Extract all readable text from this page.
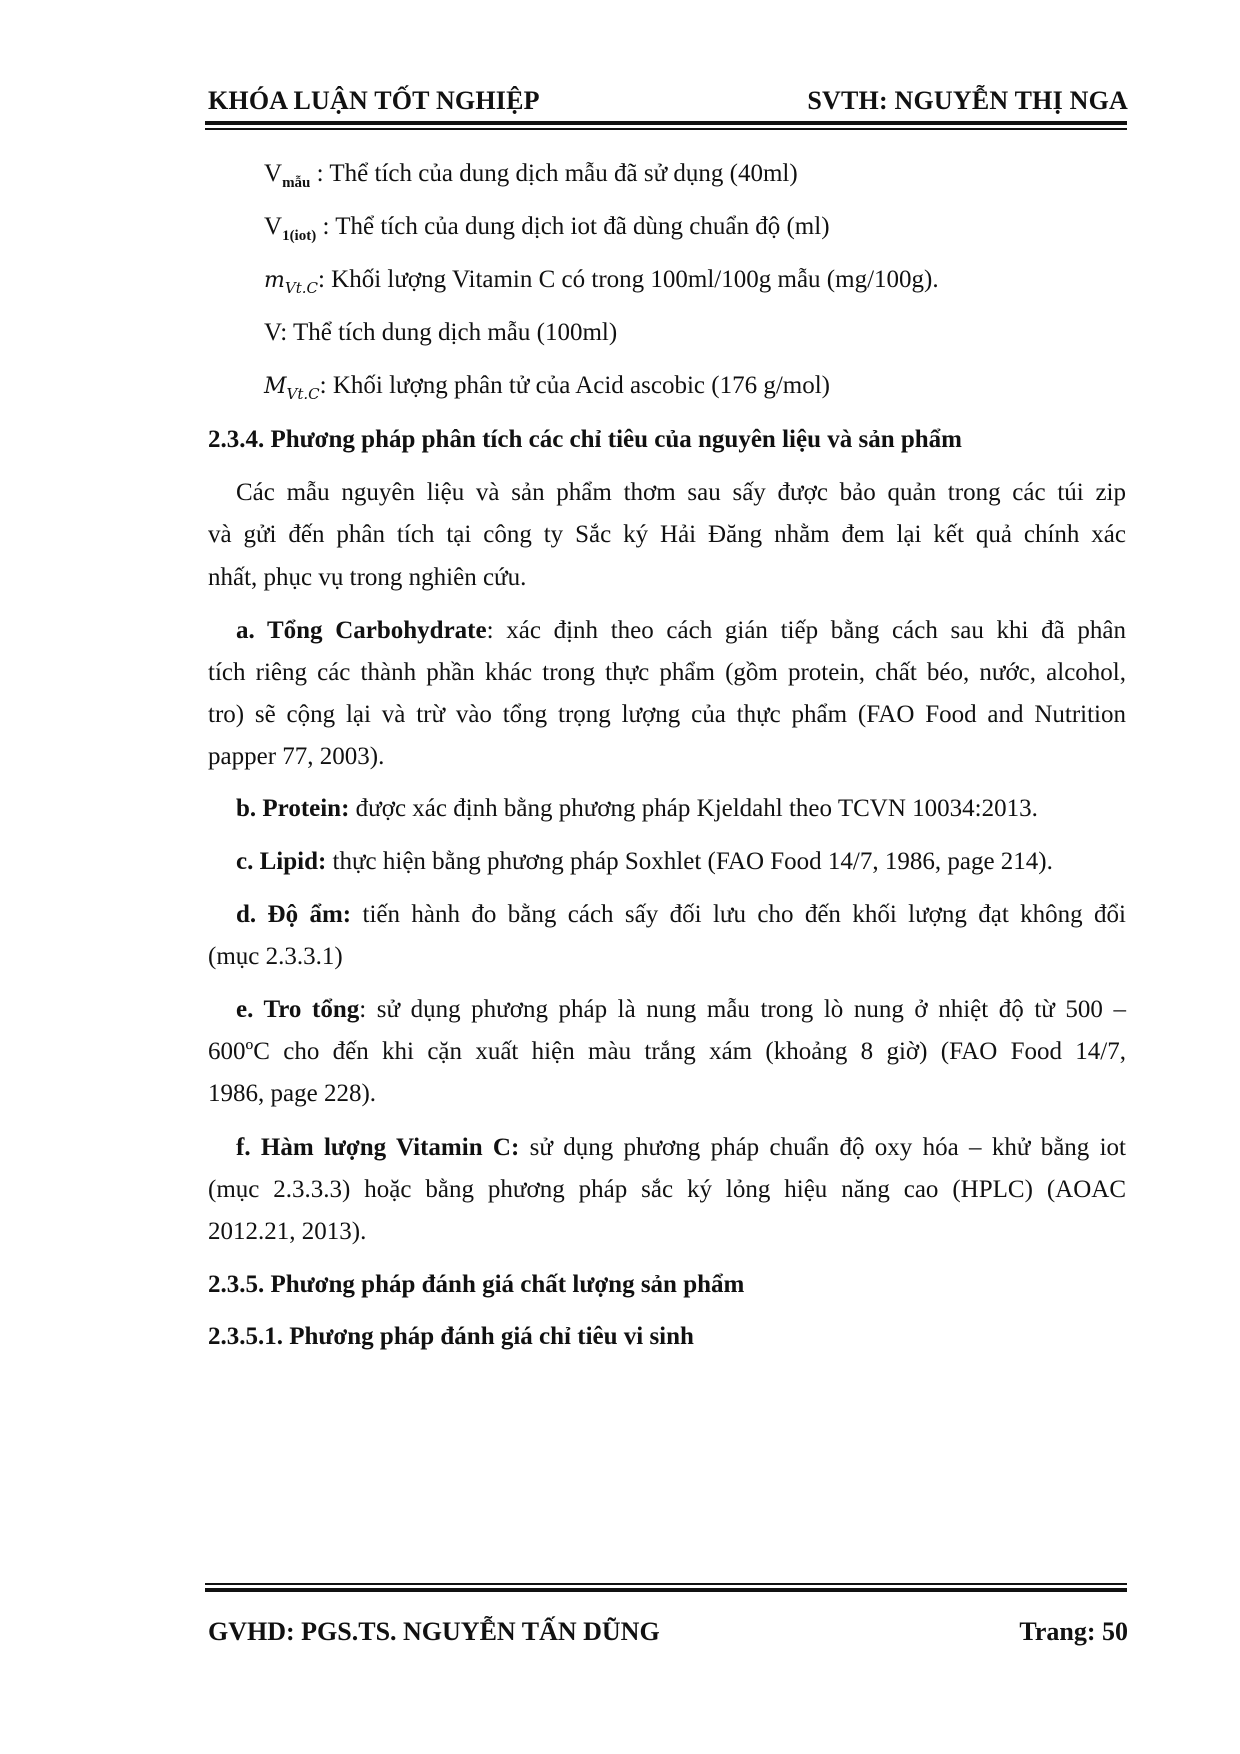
KHÓA LUẬN TỐT NGHIỆP	SVTH: NGUYỄN THỊ NGA
$V_{mẫu}$ : Thể tích của dung dịch mẫu đã sử dụng (40ml)
$V_{1(iot)}$ : Thể tích của dung dịch iot đã dùng chuẩn độ (ml)
$m_{Vt.C}$: Khối lượng Vitamin C có trong 100ml/100g mẫu (mg/100g).
V: Thể tích dung dịch mẫu (100ml)
$M_{Vt.C}$: Khối lượng phân tử của Acid ascobic (176 g/mol)
2.3.4. Phương pháp phân tích các chỉ tiêu của nguyên liệu và sản phẩm
Các mẫu nguyên liệu và sản phẩm thơm sau sấy được bảo quản trong các túi zip
và gửi đến phân tích tại công ty Sắc ký Hải Đăng nhằm đem lại kết quả chính xác
nhất, phục vụ trong nghiên cứu.
a. Tổng Carbohydrate: xác định theo cách gián tiếp bằng cách sau khi đã phân
tích riêng các thành phần khác trong thực phẩm (gồm protein, chất béo, nước, alcohol,
tro) sẽ cộng lại và trừ vào tổng trọng lượng của thực phẩm (FAO Food and Nutrition
papper 77, 2003).
b. Protein: được xác định bằng phương pháp Kjeldahl theo TCVN 10034:2013.
c. Lipid: thực hiện bằng phương pháp Soxhlet (FAO Food 14/7, 1986, page 214).
d. Độ ẩm: tiến hành đo bằng cách sấy đối lưu cho đến khối lượng đạt không đổi
(mục 2.3.3.1)
e. Tro tổng: sử dụng phương pháp là nung mẫu trong lò nung ở nhiệt độ từ 500 –
600ºC cho đến khi cặn xuất hiện màu trắng xám (khoảng 8 giờ) (FAO Food 14/7,
1986, page 228).
f. Hàm lượng Vitamin C: sử dụng phương pháp chuẩn độ oxy hóa – khử bằng iot
(mục 2.3.3.3) hoặc bằng phương pháp sắc ký lỏng hiệu năng cao (HPLC) (AOAC
2012.21, 2013).
2.3.5. Phương pháp đánh giá chất lượng sản phẩm
2.3.5.1. Phương pháp đánh giá chỉ tiêu vi sinh
GVHD: PGS.TS. NGUYỄN TẤN DŨNG	Trang: 50
